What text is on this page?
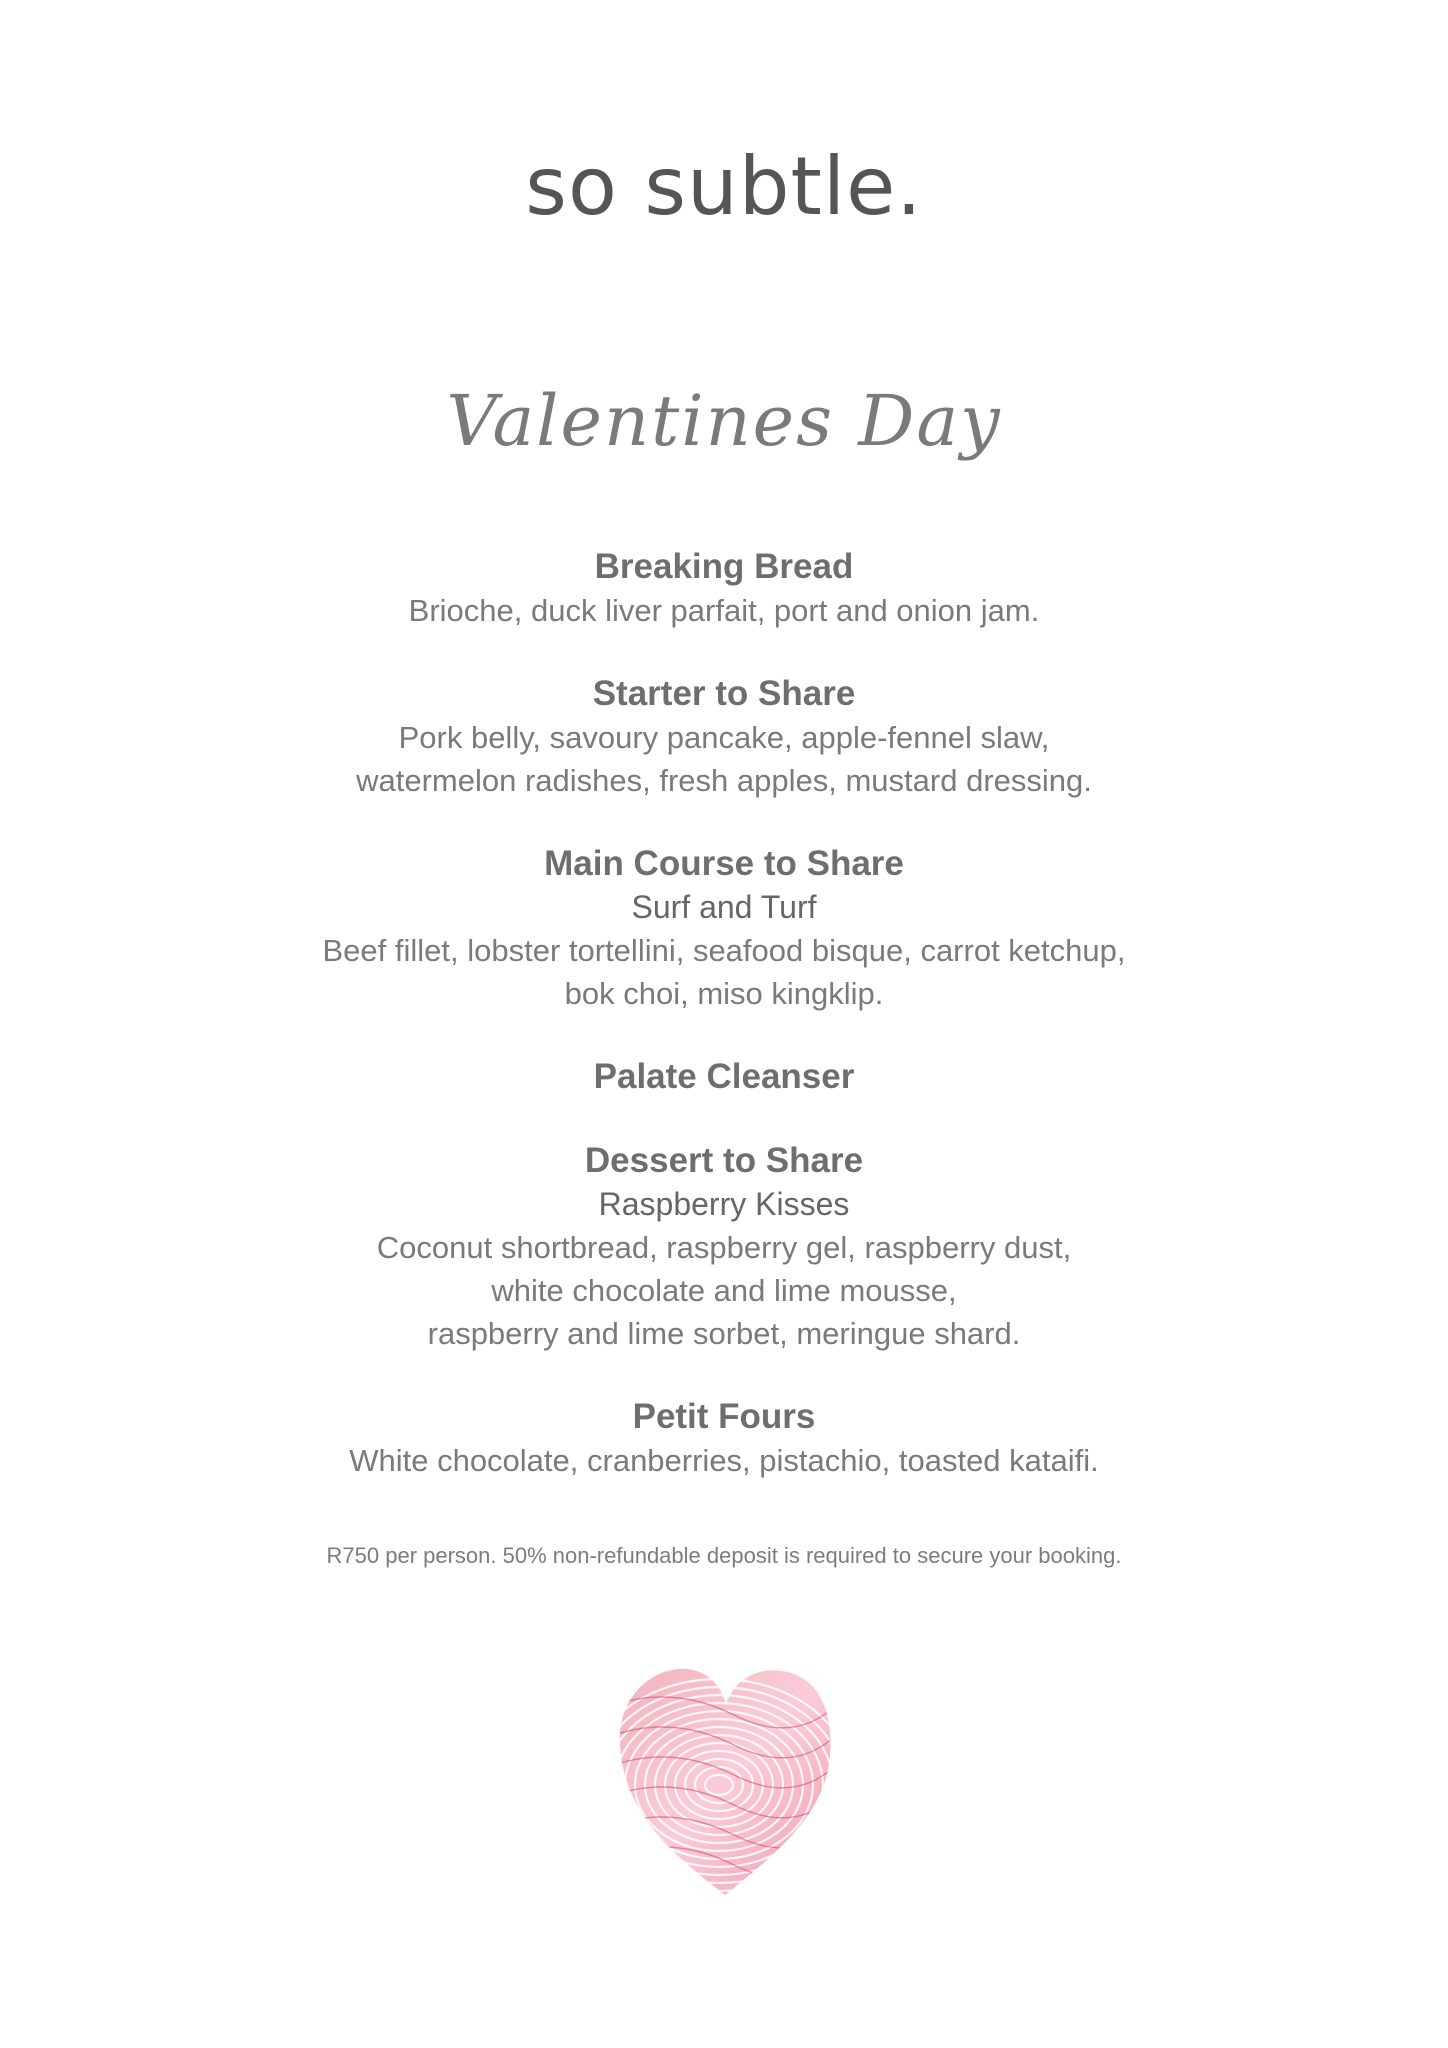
so subtle.
Valentines Day
Breaking Bread
Brioche, duck liver parfait, port and onion jam.
Starter to Share
Pork belly, savoury pancake, apple-fennel slaw,
watermelon radishes, fresh apples, mustard dressing.
Main Course to Share
Surf and Turf
Beef fillet, lobster tortellini, seafood bisque, carrot ketchup,
bok choi, miso kingklip.
Palate Cleanser
Dessert to Share
Raspberry Kisses
Coconut shortbread, raspberry gel, raspberry dust,
white chocolate and lime mousse,
raspberry and lime sorbet, meringue shard.
Petit Fours
White chocolate, cranberries, pistachio, toasted kataifi.
R750 per person. 50% non-refundable deposit is required to secure your booking.
